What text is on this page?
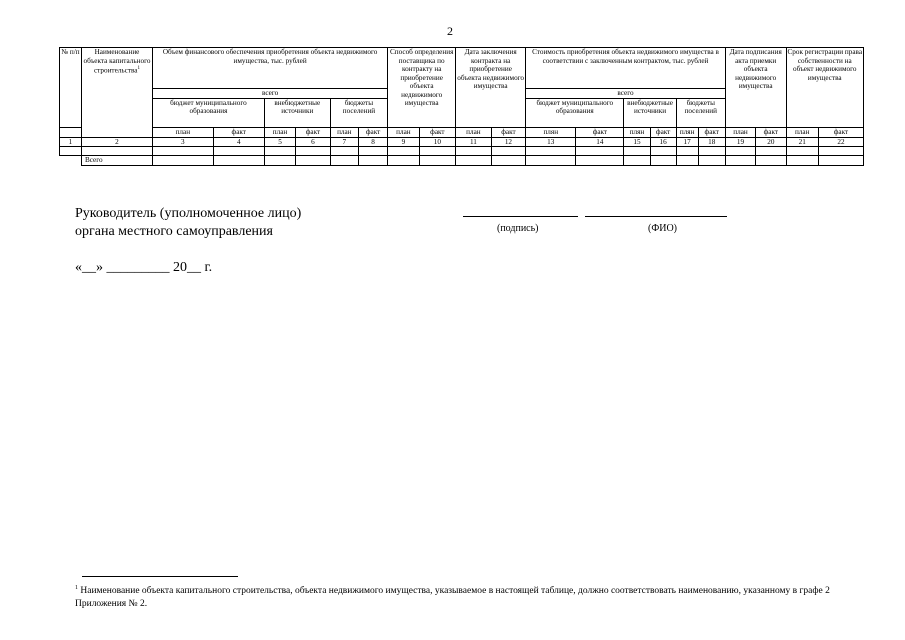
2
№ п/п	Наименование объекта капитального строительства$^1$	Объем финансового обеспечения приобретения объекта недвижимого имущества, тыс. рублей						Способ определения поставщика по контракту на приобретение объекта недвижимого имущества		Дата заключения контракта на приобретение объекта недвижимого имущества		Стоимость приобретения объекта недвижимого имущества в соответствии с заключенным контрактом, тыс. рублей						Дата подписания акта приемки объекта недвижимого имущества		Срок регистрации права собственности на объект недвижимого имущества	
		всего										всего									
		бюджет муниципального образования		внебюджетные источники		бюджеты поселений						бюджет муниципального образования		внебюджетные источники		бюджеты поселений					
		план	факт	план	факт	план	факт	план	факт	план	факт	плян	факт	плян	факт	плян	факт	план	факт	план	факт
1	2	3	4	5	6	7	8	9	10	11	12	13	14	15	16	17	18	19	20	21	22

	Всего																				
Руководитель (уполномоченное лицо)
органа местного самоуправления	(подпись)	(ФИО)
«__» _________ 20__ г.
$^1$ Наименование объекта капитального строительства, объекта недвижимого имущества, указываемое в настоящей таблице, должно соответствовать наименованию, указанному в графе 2 Приложения № 2.
